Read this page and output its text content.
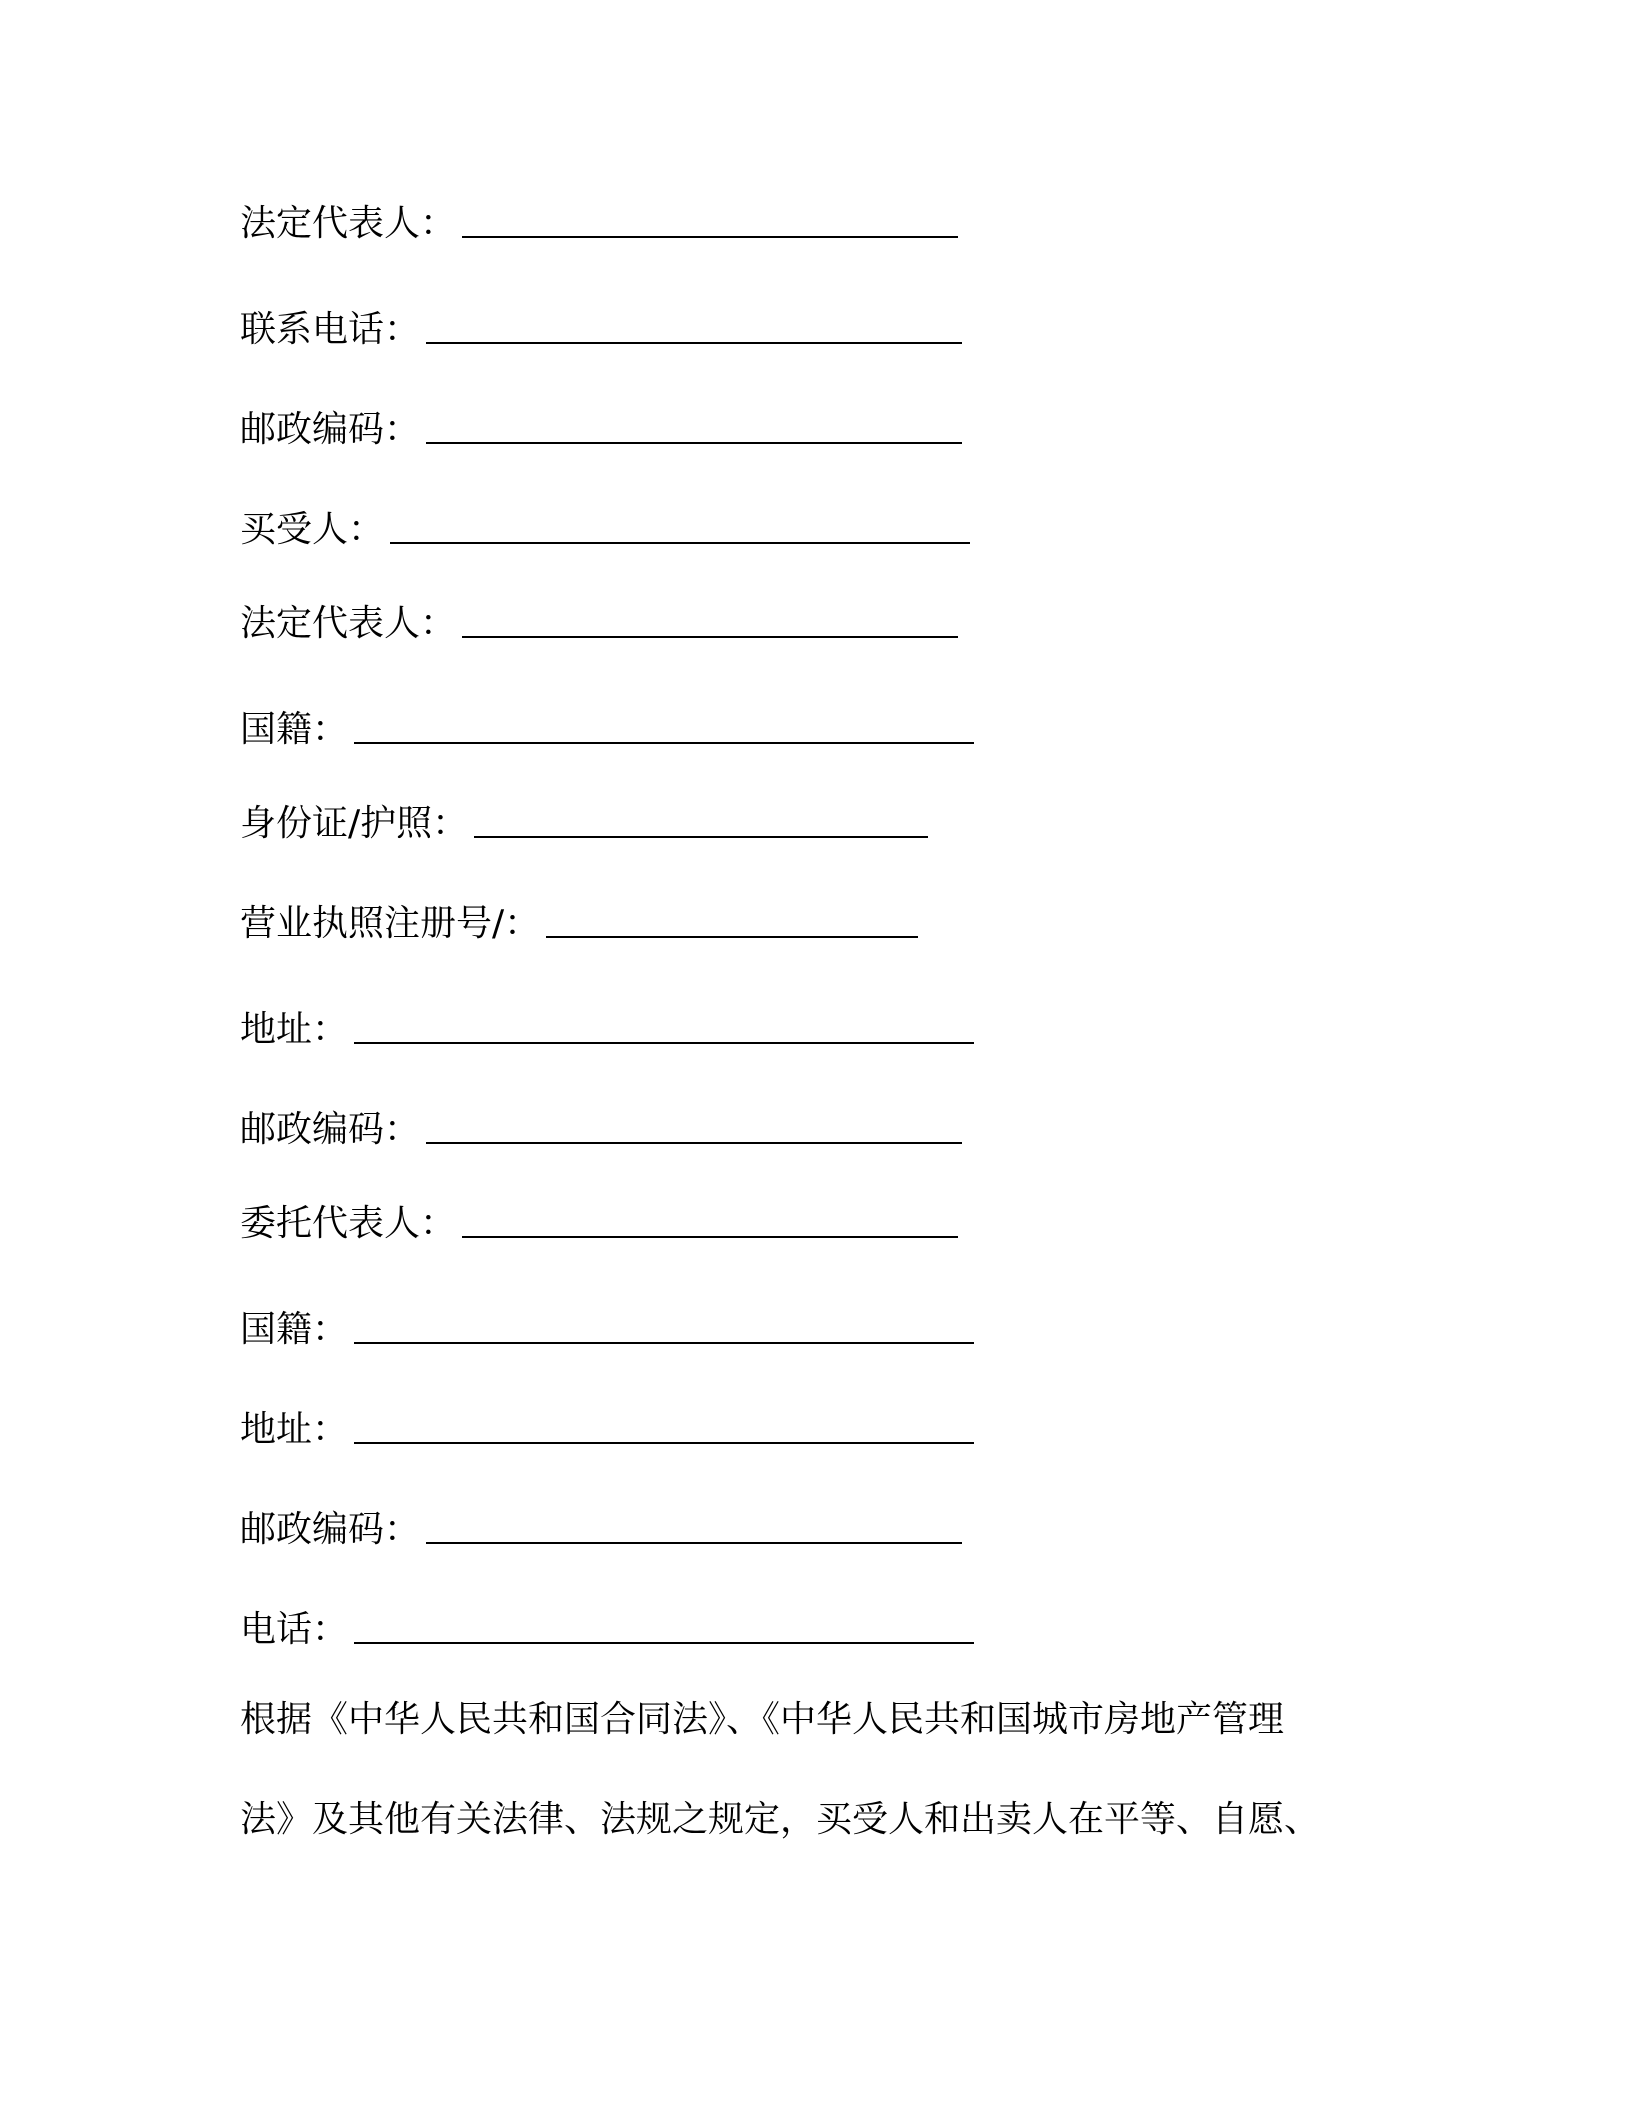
法定代表人：
联系电话：
邮政编码：
买受人：
法定代表人：
国籍：
身份证/护照：
营业执照注册号/：
地址：
邮政编码：
委托代表人：
国籍：
地址：
邮政编码：
电话：
根据《中华人民共和国合同法》、《中华人民共和国城市房地产管理
法》及其他有关法律、法规之规定，买受人和出卖人在平等、自愿、
